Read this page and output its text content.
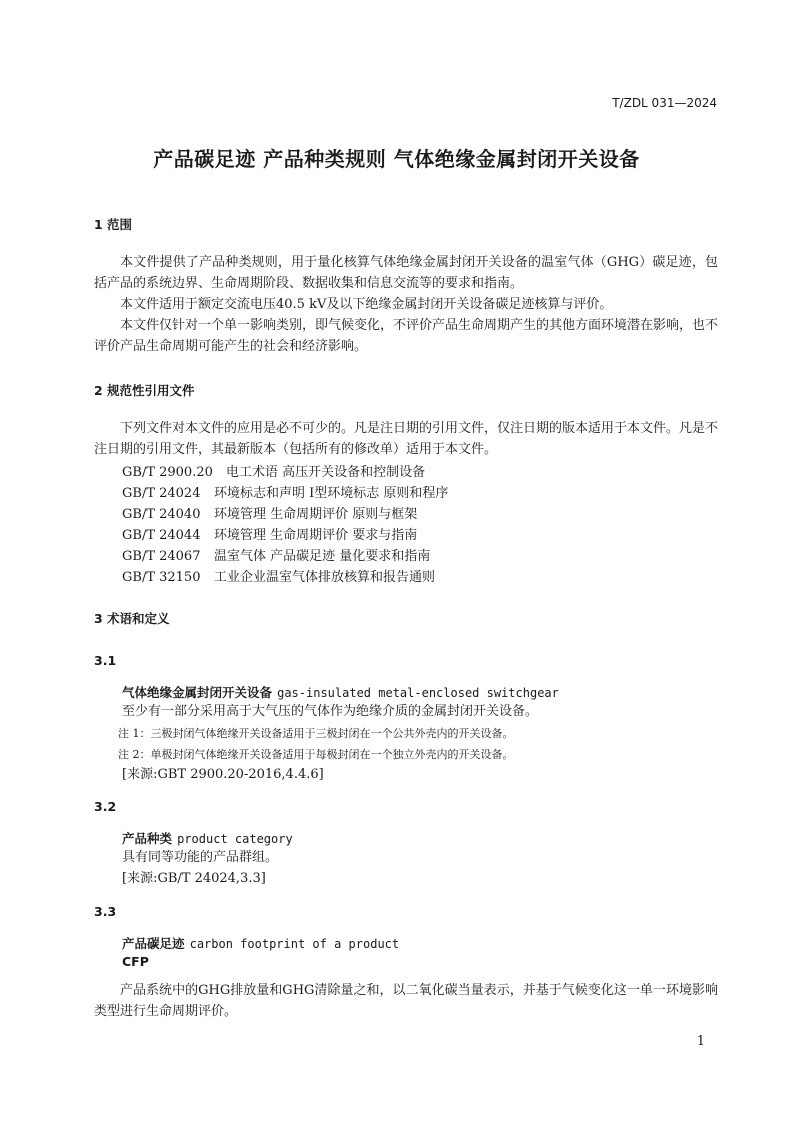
T/ZDL 031—2024
产品碳足迹 产品种类规则 气体绝缘金属封闭开关设备
1 范围
本文件提供了产品种类规则，用于量化核算气体绝缘金属封闭开关设备的温室气体（GHG）碳足迹，包括产品的系统边界、生命周期阶段、数据收集和信息交流等的要求和指南。
本文件适用于额定交流电压40.5 kV及以下绝缘金属封闭开关设备碳足迹核算与评价。
本文件仅针对一个单一影响类别，即气候变化，不评价产品生命周期产生的其他方面环境潜在影响，也不评价产品生命周期可能产生的社会和经济影响。
2 规范性引用文件
下列文件对本文件的应用是必不可少的。凡是注日期的引用文件，仅注日期的版本适用于本文件。凡是不注日期的引用文件，其最新版本（包括所有的修改单）适用于本文件。
GB/T 2900.20 电工术语 高压开关设备和控制设备
GB/T 24024 环境标志和声明 I型环境标志 原则和程序
GB/T 24040 环境管理 生命周期评价 原则与框架
GB/T 24044 环境管理 生命周期评价 要求与指南
GB/T 24067 温室气体 产品碳足迹 量化要求和指南
GB/T 32150 工业企业温室气体排放核算和报告通则
3 术语和定义
3.1
气体绝缘金属封闭开关设备 gas-insulated metal-enclosed switchgear
至少有一部分采用高于大气压的气体作为绝缘介质的金属封闭开关设备。
注 1：三极封闭气体绝缘开关设备适用于三极封闭在一个公共外壳内的开关设备。
注 2：单极封闭气体绝缘开关设备适用于每极封闭在一个独立外壳内的开关设备。
[来源:GBT 2900.20-2016,4.4.6]
3.2
产品种类 product category
具有同等功能的产品群组。
[来源:GB/T 24024,3.3]
3.3
产品碳足迹 carbon footprint of a product
CFP
产品系统中的GHG排放量和GHG清除量之和，以二氧化碳当量表示，并基于气候变化这一单一环境影响类型进行生命周期评价。
1
